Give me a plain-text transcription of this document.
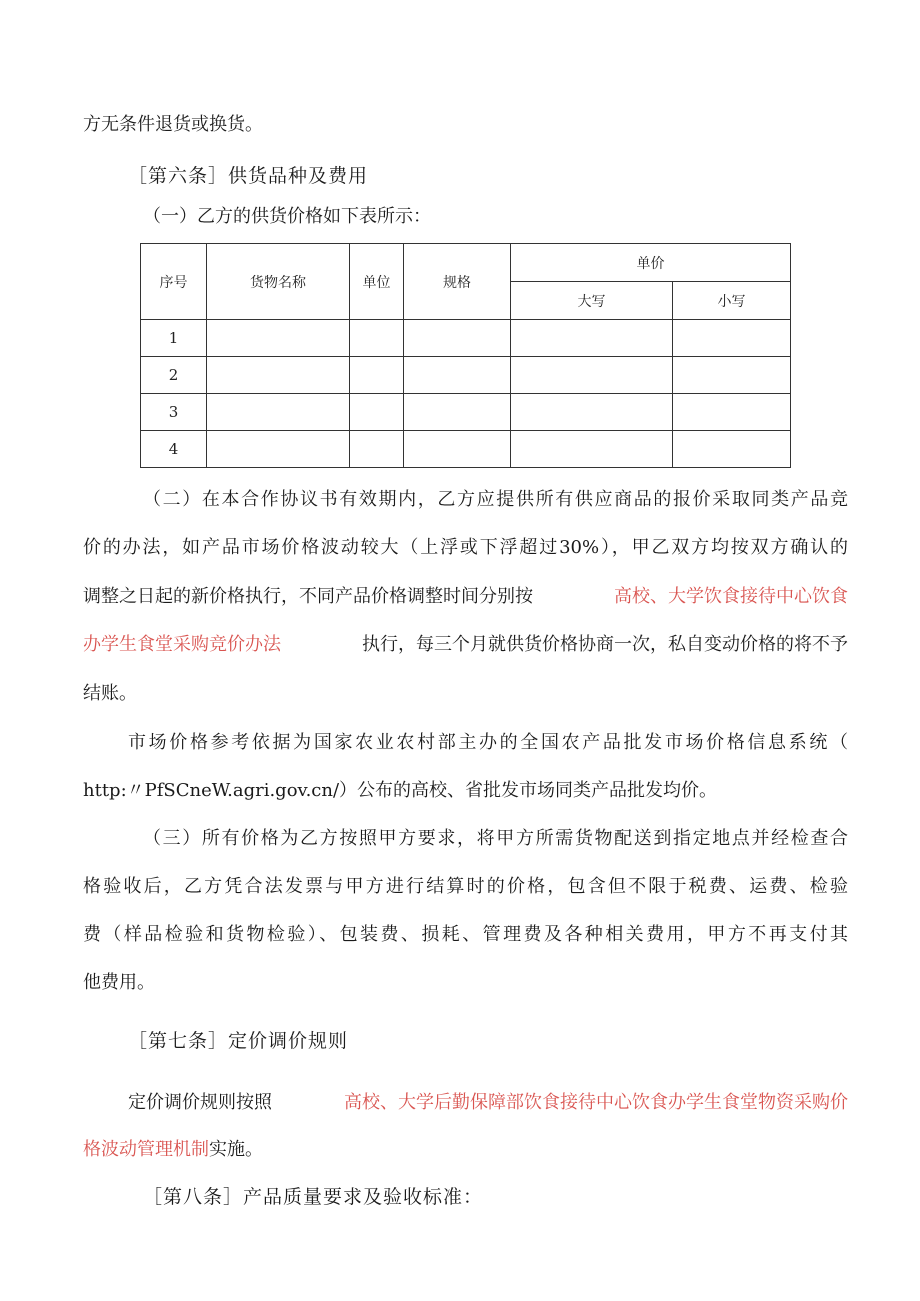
方无条件退货或换货。
［第六条］供货品种及费用
（一）乙方的供货价格如下表所示：
序号	货物名称	单位	规格	单价	
				大写	小写
1					
2					
3					
4					
（二）在本合作协议书有效期内，乙方应提供所有供应商品的报价采取同类产品竞
价的办法，如产品市场价格波动较大（上浮或下浮超过30%），甲乙双方均按双方确认的
调整之日起的新价格执行，不同产品价格调整时间分别按	高校、大学饮食接待中心饮食
办学生食堂采购竞价办法	执行，每三个月就供货价格协商一次，私自变动价格的将不予
结账。
市场价格参考依据为国家农业农村部主办的全国农产品批发市场价格信息系统（
http:〃PfSCneW.agri.gov.cn/）公布的高校、省批发市场同类产品批发均价。
（三）所有价格为乙方按照甲方要求，将甲方所需货物配送到指定地点并经检查合
格验收后，乙方凭合法发票与甲方进行结算时的价格，包含但不限于税费、运费、检验
费（样品检验和货物检验）、包装费、损耗、管理费及各种相关费用，甲方不再支付其
他费用。
［第七条］定价调价规则
定价调价规则按照	高校、大学后勤保障部饮食接待中心饮食办学生食堂物资采购价
格波动管理机制实施。
［第八条］产品质量要求及验收标准：
